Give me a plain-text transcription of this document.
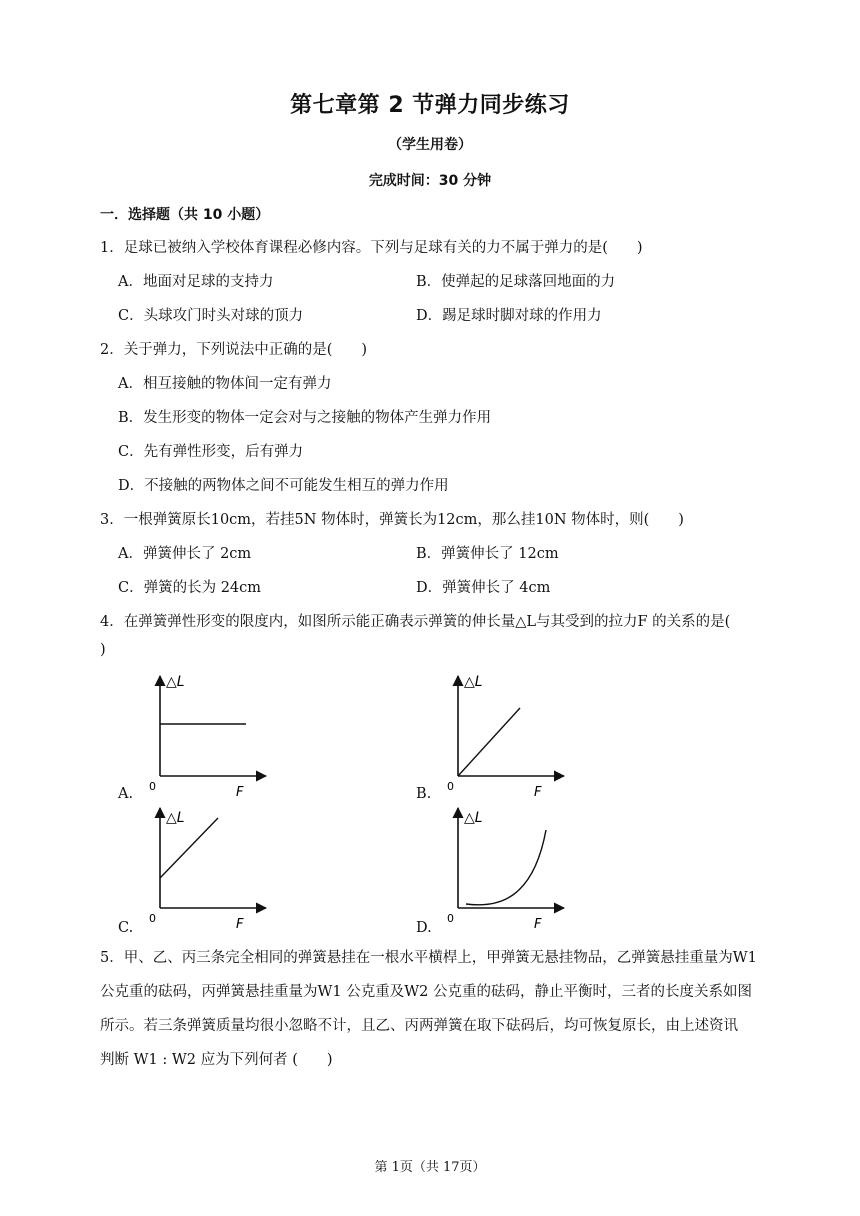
第七章第 2 节弹力同步练习
（学生用卷）
完成时间：30 分钟
一．选择题（共 10 小题）
1．足球已被纳入学校体育课程必修内容。下列与足球有关的力不属于弹力的是(　　)
A．地面对足球的支持力	B．使弹起的足球落回地面的力
C．头球攻门时头对球的顶力	D．踢足球时脚对球的作用力
2．关于弹力，下列说法中正确的是(　　)
A．相互接触的物体间一定有弹力
B．发生形变的物体一定会对与之接触的物体产生弹力作用
C．先有弹性形变，后有弹力
D．不接触的两物体之间不可能发生相互的弹力作用
3．一根弹簧原长10cm，若挂5N 物体时，弹簧长为12cm，那么挂10N 物体时，则(　　)
A．弹簧伸长了 2cm	B．弹簧伸长了 12cm
C．弹簧的长为 24cm	D．弹簧伸长了 4cm
4．在弹簧弹性形变的限度内，如图所示能正确表示弹簧的伸长量△L与其受到的拉力F 的关系的是(
)
△L
0	F
A.
△L
0	F
B.
△L
0	F
C.
△L
0	F
D.
5．甲、乙、丙三条完全相同的弹簧悬挂在一根水平横桿上，甲弹簧无悬挂物品，乙弹簧悬挂重量为W1
公克重的砝码，丙弹簧悬挂重量为W1 公克重及W2 公克重的砝码，静止平衡时，三者的长度关系如图
所示。若三条弹簧质量均很小忽略不计，且乙、丙两弹簧在取下砝码后，均可恢复原长，由上述资讯
判断 W1 : W2 应为下列何者 (　　)
第 1页（共 17页）
